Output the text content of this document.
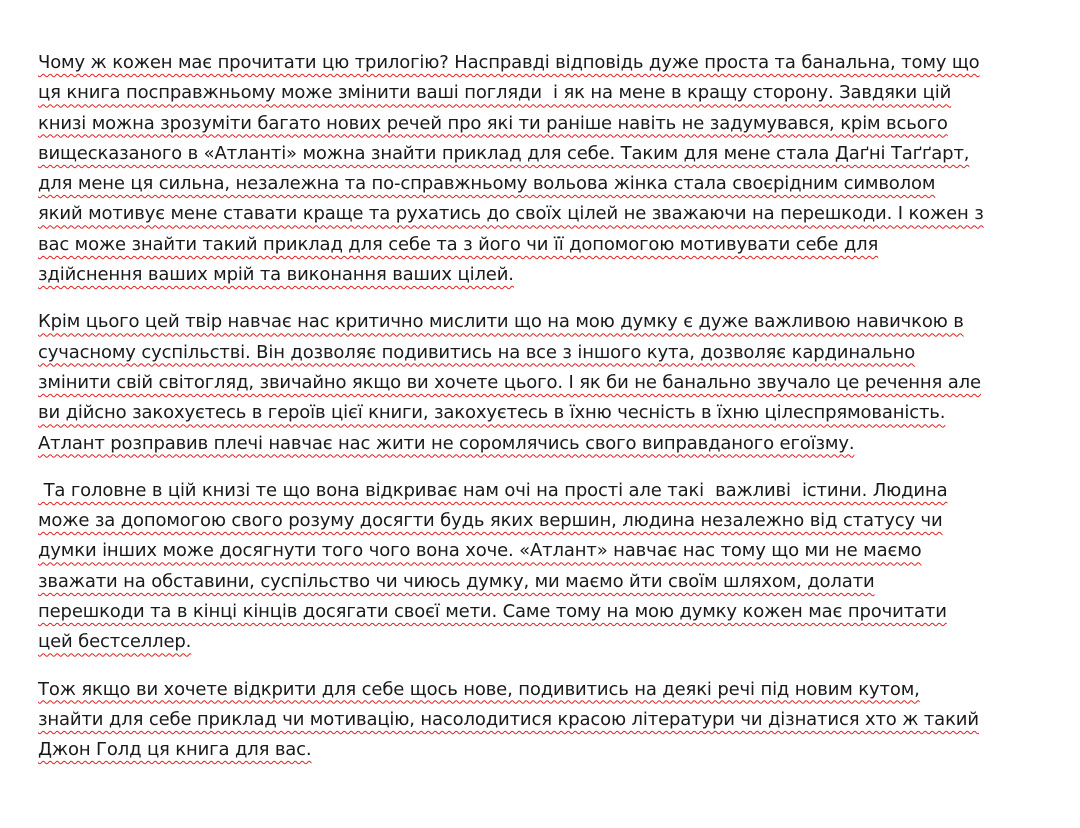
Чому ж кожен має прочитати цю трилогію? Насправді відповідь дуже проста та банальна, тому що
ця книга посправжньому може змінити ваші погляди  і як на мене в кращу сторону. Завдяки цій
книзі можна зрозуміти багато нових речей про які ти раніше навіть не задумувався, крім всього
вищесказаного в «Атланті» можна знайти приклад для себе. Таким для мене стала Даґні Таґґарт,
для мене ця сильна, незалежна та по-справжньому вольова жінка стала своєрідним символом
який мотивує мене ставати краще та рухатись до своїх цілей не зважаючи на перешкоди. І кожен з
вас може знайти такий приклад для себе та з його чи її допомогою мотивувати себе для
здійснення ваших мрій та виконання ваших цілей.
Крім цього цей твір навчає нас критично мислити що на мою думку є дуже важливою навичкою в
сучасному суспільстві. Він дозволяє подивитись на все з іншого кута, дозволяє кардинально
змінити свій світогляд, звичайно якщо ви хочете цього. І як би не банально звучало це речення але
ви дійсно закохуєтесь в героїв цієї книги, закохуєтесь в їхню чесність в їхню цілеспрямованість.
Атлант розправив плечі навчає нас жити не соромлячись свого виправданого егоїзму.
Та головне в цій книзі те що вона відкриває нам очі на прості але такі  важливі  істини. Людина
може за допомогою свого розуму досягти будь яких вершин, людина незалежно від статусу чи
думки інших може досягнути того чого вона хоче. «Атлант» навчає нас тому що ми не маємо
зважати на обставини, суспільство чи чиюсь думку, ми маємо йти своїм шляхом, долати
перешкоди та в кінці кінців досягати своєї мети. Саме тому на мою думку кожен має прочитати
цей бестселлер.
Тож якщо ви хочете відкрити для себе щось нове, подивитись на деякі речі під новим кутом,
знайти для себе приклад чи мотивацію, насолодитися красою літератури чи дізнатися хто ж такий
Джон Голд ця книга для вас.
